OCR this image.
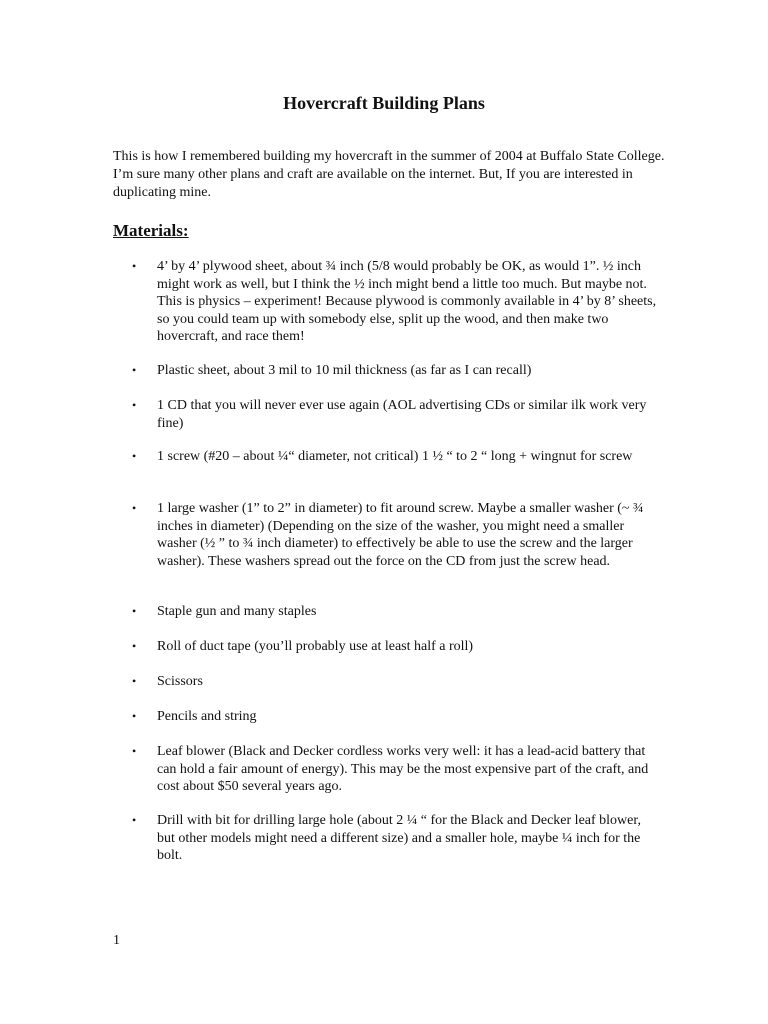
Hovercraft Building Plans

This is how I remembered building my hovercraft in the summer of 2004 at Buffalo State College. I’m sure many other plans and craft are available on the internet. But, If you are interested in duplicating mine.

Materials:
• 4’ by 4’ plywood sheet, about ¾ inch (5/8 would probably be OK, as would 1”. ½ inch might work as well, but I think the ½ inch might bend a little too much. But maybe not. This is physics – experiment! Because plywood is commonly available in 4’ by 8’ sheets, so you could team up with somebody else, split up the wood, and then make two hovercraft, and race them!
• Plastic sheet, about 3 mil to 10 mil thickness (as far as I can recall)
• 1 CD that you will never ever use again (AOL advertising CDs or similar ilk work very fine)
• 1 screw (#20 – about ¼“ diameter, not critical) 1 ½ “ to 2 “ long + wingnut for screw
• 1 large washer (1” to 2” in diameter) to fit around screw. Maybe a smaller washer (~ ¾ inches in diameter) (Depending on the size of the washer, you might need a smaller washer (½ ” to ¾ inch diameter) to effectively be able to use the screw and the larger washer). These washers spread out the force on the CD from just the screw head.
• Staple gun and many staples
• Roll of duct tape (you’ll probably use at least half a roll)
• Scissors
• Pencils and string
• Leaf blower (Black and Decker cordless works very well: it has a lead-acid battery that can hold a fair amount of energy). This may be the most expensive part of the craft, and cost about $50 several years ago.
• Drill with bit for drilling large hole (about 2 ¼ “ for the Black and Decker leaf blower, but other models might need a different size) and a smaller hole, maybe ¼ inch for the bolt.
1
